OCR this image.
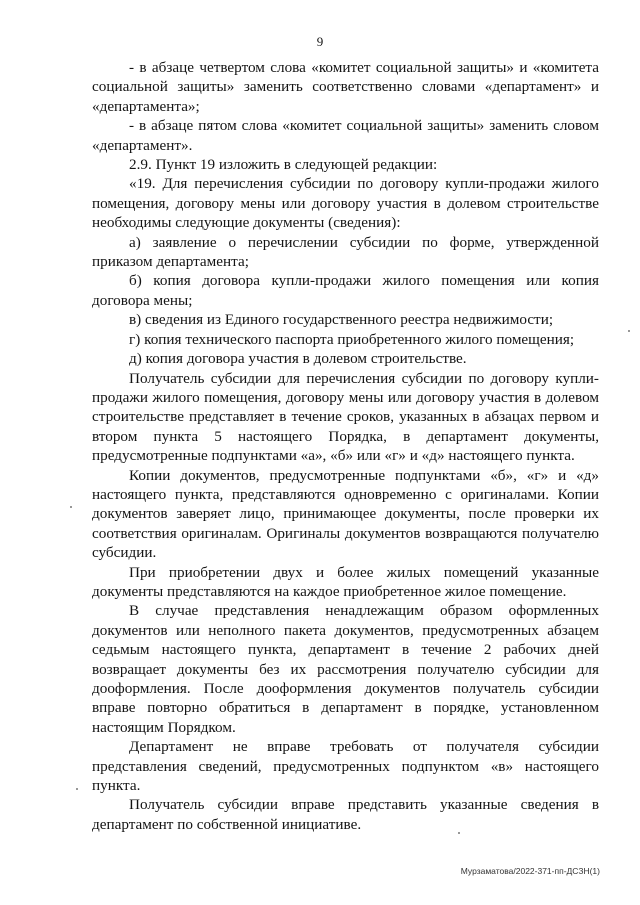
9

- в абзаце четвертом слова «комитет социальной защиты» и «комитета социальной защиты» заменить соответственно словами «департамент» и «департамента»;

- в абзаце пятом слова «комитет социальной защиты» заменить словом «департамент».

2.9. Пункт 19 изложить в следующей редакции:

«19. Для перечисления субсидии по договору купли-продажи жилого помещения, договору мены или договору участия в долевом строительстве необходимы следующие документы (сведения):

а) заявление о перечислении субсидии по форме, утвержденной приказом департамента;

б) копия договора купли-продажи жилого помещения или копия договора мены;

в) сведения из Единого государственного реестра недвижимости;

г) копия технического паспорта приобретенного жилого помещения;

д) копия договора участия в долевом строительстве.

Получатель субсидии для перечисления субсидии по договору купли-продажи жилого помещения, договору мены или договору участия в долевом строительстве представляет в течение сроков, указанных в абзацах первом и втором пункта 5 настоящего Порядка, в департамент документы, предусмотренные подпунктами «а», «б» или «г» и «д» настоящего пункта.

Копии документов, предусмотренные подпунктами «б», «г» и «д» настоящего пункта, представляются одновременно с оригиналами. Копии документов заверяет лицо, принимающее документы, после проверки их соответствия оригиналам. Оригиналы документов возвращаются получателю субсидии.

При приобретении двух и более жилых помещений указанные документы представляются на каждое приобретенное жилое помещение.

В случае представления ненадлежащим образом оформленных документов или неполного пакета документов, предусмотренных абзацем седьмым настоящего пункта, департамент в течение 2 рабочих дней возвращает документы без их рассмотрения получателю субсидии для дооформления. После дооформления документов получатель субсидии вправе повторно обратиться в департамент в порядке, установленном настоящим Порядком.

Департамент не вправе требовать от получателя субсидии представления сведений, предусмотренных подпунктом «в» настоящего пункта.

Получатель субсидии вправе представить указанные сведения в департамент по собственной инициативе.

Мурзаматова/2022-371-пп-ДСЗН(1)
